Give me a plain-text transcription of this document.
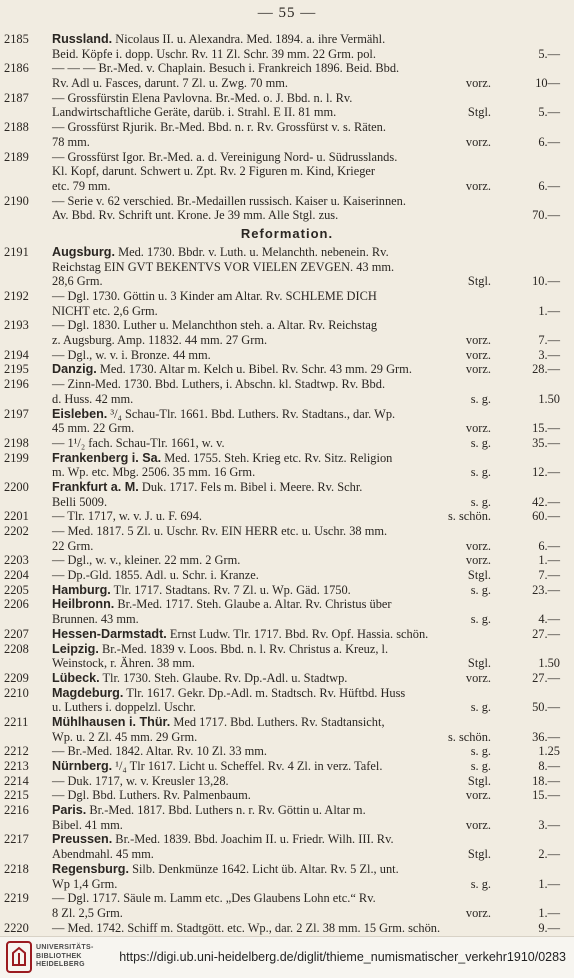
— 55 —
2185 Russland. Nicolaus II. u. Alexandra. Med. 1894. a. ihre Vermähl.
Beid. Köpfe i. dopp. Uschr. Rv. 11 Zl. Schr. 39 mm. 22 Grm. pol.	5.—
2186 — — — Br.-Med. v. Chaplain. Besuch i. Frankreich 1896. Beid. Bbd.
Rv. Adl u. Fasces, darunt. 7 Zl. u. Zwg. 70 mm.	vorz.	10—
2187 — Grossfürstin Elena Pavlovna. Br.-Med. o. J. Bbd. n. l. Rv.
Landwirtschaftliche Geräte, darüb. i. Strahl. E II. 81 mm.	Stgl.	5.—
2188 — Grossfürst Rjurik. Br.-Med. Bbd. n. r. Rv. Grossfürst v. s. Räten.
78 mm.	vorz.	6.—
2189 — Grossfürst Igor. Br.-Med. a. d. Vereinigung Nord- u. Südrusslands.
Kl. Kopf, darunt. Schwert u. Zpt. Rv. 2 Figuren m. Kind, Krieger
etc. 79 mm.	vorz.	6.—
2190 — Serie v. 62 verschied. Br.-Medaillen russisch. Kaiser u. Kaiserinnen.
Av. Bbd. Rv. Schrift unt. Krone. Je 39 mm. Alle Stgl. zus.	70.—
Reformation.
2191 Augsburg. Med. 1730. Bbdr. v. Luth. u. Melanchth. nebenein. Rv.
Reichstag EIN GVT BEKENTVS VOR VIELEN ZEVGEN. 43 mm.
28,6 Grm.	Stgl.	10.—
2192 — Dgl. 1730. Göttin u. 3 Kinder am Altar. Rv. SCHLEME DICH
NICHT etc. 2,6 Grm.	1.—
2193 — Dgl. 1830. Luther u. Melanchthon steh. a. Altar. Rv. Reichstag
z. Augsburg. Amp. 11832. 44 mm. 27 Grm.	vorz.	7.—
2194 — Dgl., w. v. i. Bronze. 44 mm.	vorz.	3.—
2195 Danzig. Med. 1730. Altar m. Kelch u. Bibel. Rv. Schr. 43 mm. 29 Grm.	vorz.	28.—
2196 — Zinn-Med. 1730. Bbd. Luthers, i. Abschn. kl. Stadtwp. Rv. Bbd.
d. Huss. 42 mm.	s. g.	1.50
2197 Eisleben. ³/₄ Schau-Tlr. 1661. Bbd. Luthers. Rv. Stadtans., dar. Wp.
45 mm. 22 Grm.	vorz.	15.—
2198 — 1¹/₂ fach. Schau-Tlr. 1661, w. v.	s. g.	35.—
2199 Frankenberg i. Sa. Med. 1755. Steh. Krieg etc. Rv. Sitz. Religion
m. Wp. etc. Mbg. 2506. 35 mm. 16 Grm.	s. g.	12.—
2200 Frankfurt a. M. Duk. 1717. Fels m. Bibel i. Meere. Rv. Schr.
Belli 5009.	s. g.	42.—
2201 — Tlr. 1717, w. v. J. u. F. 694.	s. schön.	60.—
2202 — Med. 1817. 5 Zl. u. Uschr. Rv. EIN HERR etc. u. Uschr. 38 mm.
22 Grm.	vorz.	6.—
2203 — Dgl., w. v., kleiner. 22 mm. 2 Grm.	vorz.	1.—
2204 — Dp.-Gld. 1855. Adl. u. Schr. i. Kranze.	Stgl.	7.—
2205 Hamburg. Tlr. 1717. Stadtans. Rv. 7 Zl. u. Wp. Gäd. 1750.	s. g.	23.—
2206 Heilbronn. Br.-Med. 1717. Steh. Glaube a. Altar. Rv. Christus über
Brunnen. 43 mm.	s. g.	4.—
2207 Hessen-Darmstadt. Ernst Ludw. Tlr. 1717. Bbd. Rv. Opf. Hassia. schön.	27.—
2208 Leipzig. Br.-Med. 1839 v. Loos. Bbd. n. l. Rv. Christus a. Kreuz, l.
Weinstock, r. Ähren. 38 mm.	Stgl.	1.50
2209 Lübeck. Tlr. 1730. Steh. Glaube. Rv. Dp.-Adl. u. Stadtwp.	vorz.	27.—
2210 Magdeburg. Tlr. 1617. Gekr. Dp.-Adl. m. Stadtsch. Rv. Hüftbd. Huss
u. Luthers i. doppelzl. Uschr.	s. g.	50.—
2211 Mühlhausen i. Thür. Med 1717. Bbd. Luthers. Rv. Stadtansicht,
Wp. u. 2 Zl. 45 mm. 29 Grm.	s. schön.	36.—
2212 — Br.-Med. 1842. Altar. Rv. 10 Zl. 33 mm.	s. g.	1.25
2213 Nürnberg. ¹/₄ Tlr 1617. Licht u. Scheffel. Rv. 4 Zl. in verz. Tafel.	s. g.	8.—
2214 — Duk. 1717, w. v. Kreusler 13,28.	Stgl.	18.—
2215 — Dgl. Bbd. Luthers. Rv. Palmenbaum.	vorz.	15.—
2216 Paris. Br.-Med. 1817. Bbd. Luthers n. r. Rv. Göttin u. Altar m.
Bibel. 41 mm.	vorz.	3.—
2217 Preussen. Br.-Med. 1839. Bbd. Joachim II. u. Friedr. Wilh. III. Rv.
Abendmahl. 45 mm.	Stgl.	2.—
2218 Regensburg. Silb. Denkmünze 1642. Licht üb. Altar. Rv. 5 Zl., unt.
Wp 1,4 Grm.	s. g.	1.—
2219 — Dgl. 1717. Säule m. Lamm etc. „Des Glaubens Lohn etc.“ Rv.
8 Zl. 2,5 Grm.	vorz.	1.—
2220 — Med. 1742. Schiff m. Stadtgött. etc. Wp., dar. 2 Zl. 38 mm. 15 Grm. schön.	9.—
UNIVERSITÄTS-
BIBLIOTHEK
HEIDELBERG
https://digi.ub.uni-heidelberg.de/diglit/thieme_numismatischer_verkehr1910/0283
